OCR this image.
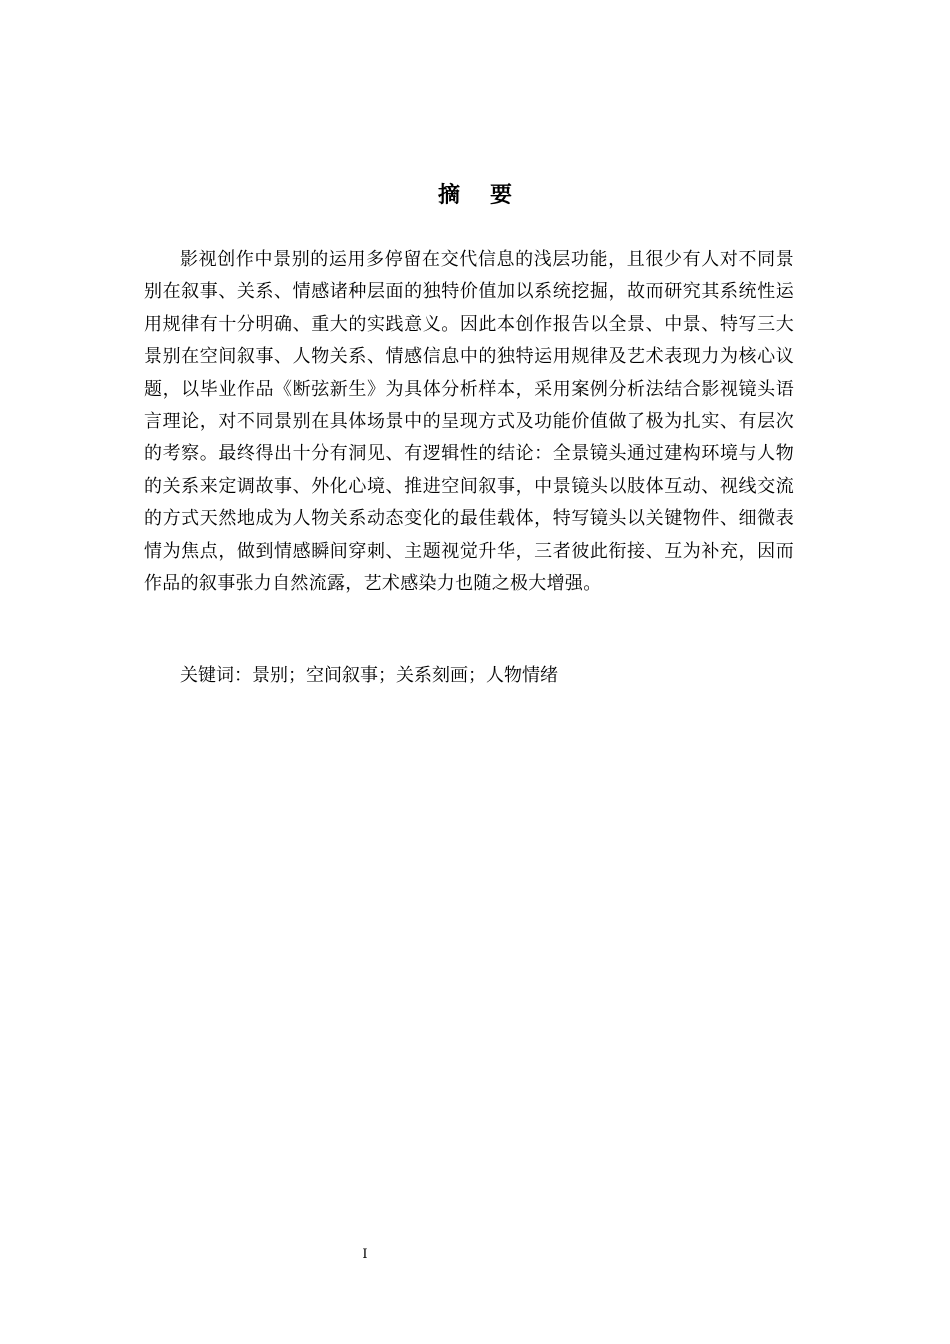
摘要

影视创作中景别的运用多停留在交代信息的浅层功能，且很少有人对不同景别在叙事、关系、情感诸种层面的独特价值加以系统挖掘，故而研究其系统性运用规律有十分明确、重大的实践意义。因此本创作报告以全景、中景、特写三大景别在空间叙事、人物关系、情感信息中的独特运用规律及艺术表现力为核心议题，以毕业作品《断弦新生》为具体分析样本，采用案例分析法结合影视镜头语言理论，对不同景别在具体场景中的呈现方式及功能价值做了极为扎实、有层次的考察。最终得出十分有洞见、有逻辑性的结论：全景镜头通过建构环境与人物的关系来定调故事、外化心境、推进空间叙事，中景镜头以肢体互动、视线交流的方式天然地成为人物关系动态变化的最佳载体，特写镜头以关键物件、细微表情为焦点，做到情感瞬间穿刺、主题视觉升华，三者彼此衔接、互为补充，因而作品的叙事张力自然流露，艺术感染力也随之极大增强。

关键词：景别；空间叙事；关系刻画；人物情绪

I
